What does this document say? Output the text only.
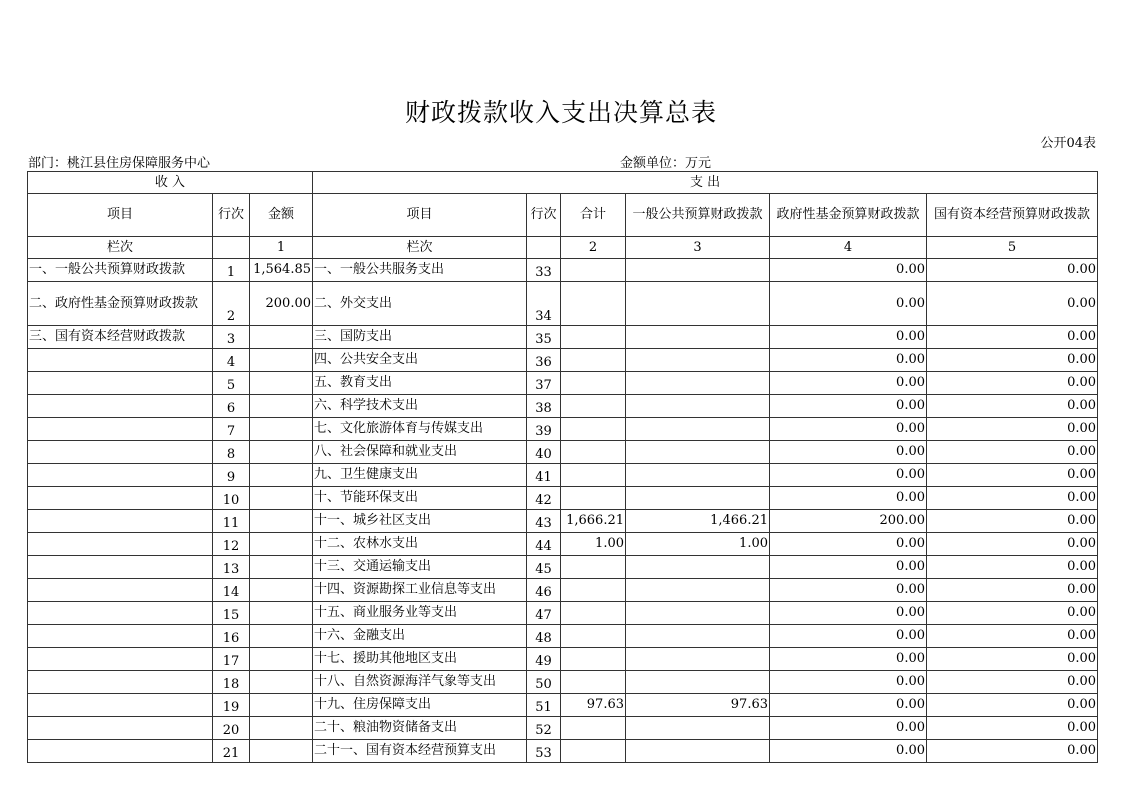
财政拨款收入支出决算总表
公开04表
部门：桃江县住房保障服务中心	金额单位：万元
收 入			支 出					
项目	行次	金额	项目	行次	合计	一般公共预算财政拨款	政府性基金预算财政拨款	国有资本经营预算财政拨款
栏次		1	栏次		2	3	4	5
一、一般公共预算财政拨款	1	1,564.85	一、一般公共服务支出	33			0.00	0.00
二、政府性基金预算财政拨款	2	200.00	二、外交支出	34			0.00	0.00
三、国有资本经营财政拨款	3		三、国防支出	35			0.00	0.00
	4		四、公共安全支出	36			0.00	0.00
	5		五、教育支出	37			0.00	0.00
	6		六、科学技术支出	38			0.00	0.00
	7		七、文化旅游体育与传媒支出	39			0.00	0.00
	8		八、社会保障和就业支出	40			0.00	0.00
	9		九、卫生健康支出	41			0.00	0.00
	10		十、节能环保支出	42			0.00	0.00
	11		十一、城乡社区支出	43	1,666.21	1,466.21	200.00	0.00
	12		十二、农林水支出	44	1.00	1.00	0.00	0.00
	13		十三、交通运输支出	45			0.00	0.00
	14		十四、资源勘探工业信息等支出	46			0.00	0.00
	15		十五、商业服务业等支出	47			0.00	0.00
	16		十六、金融支出	48			0.00	0.00
	17		十七、援助其他地区支出	49			0.00	0.00
	18		十八、自然资源海洋气象等支出	50			0.00	0.00
	19		十九、住房保障支出	51	97.63	97.63	0.00	0.00
	20		二十、粮油物资储备支出	52			0.00	0.00
	21		二十一、国有资本经营预算支出	53			0.00	0.00
